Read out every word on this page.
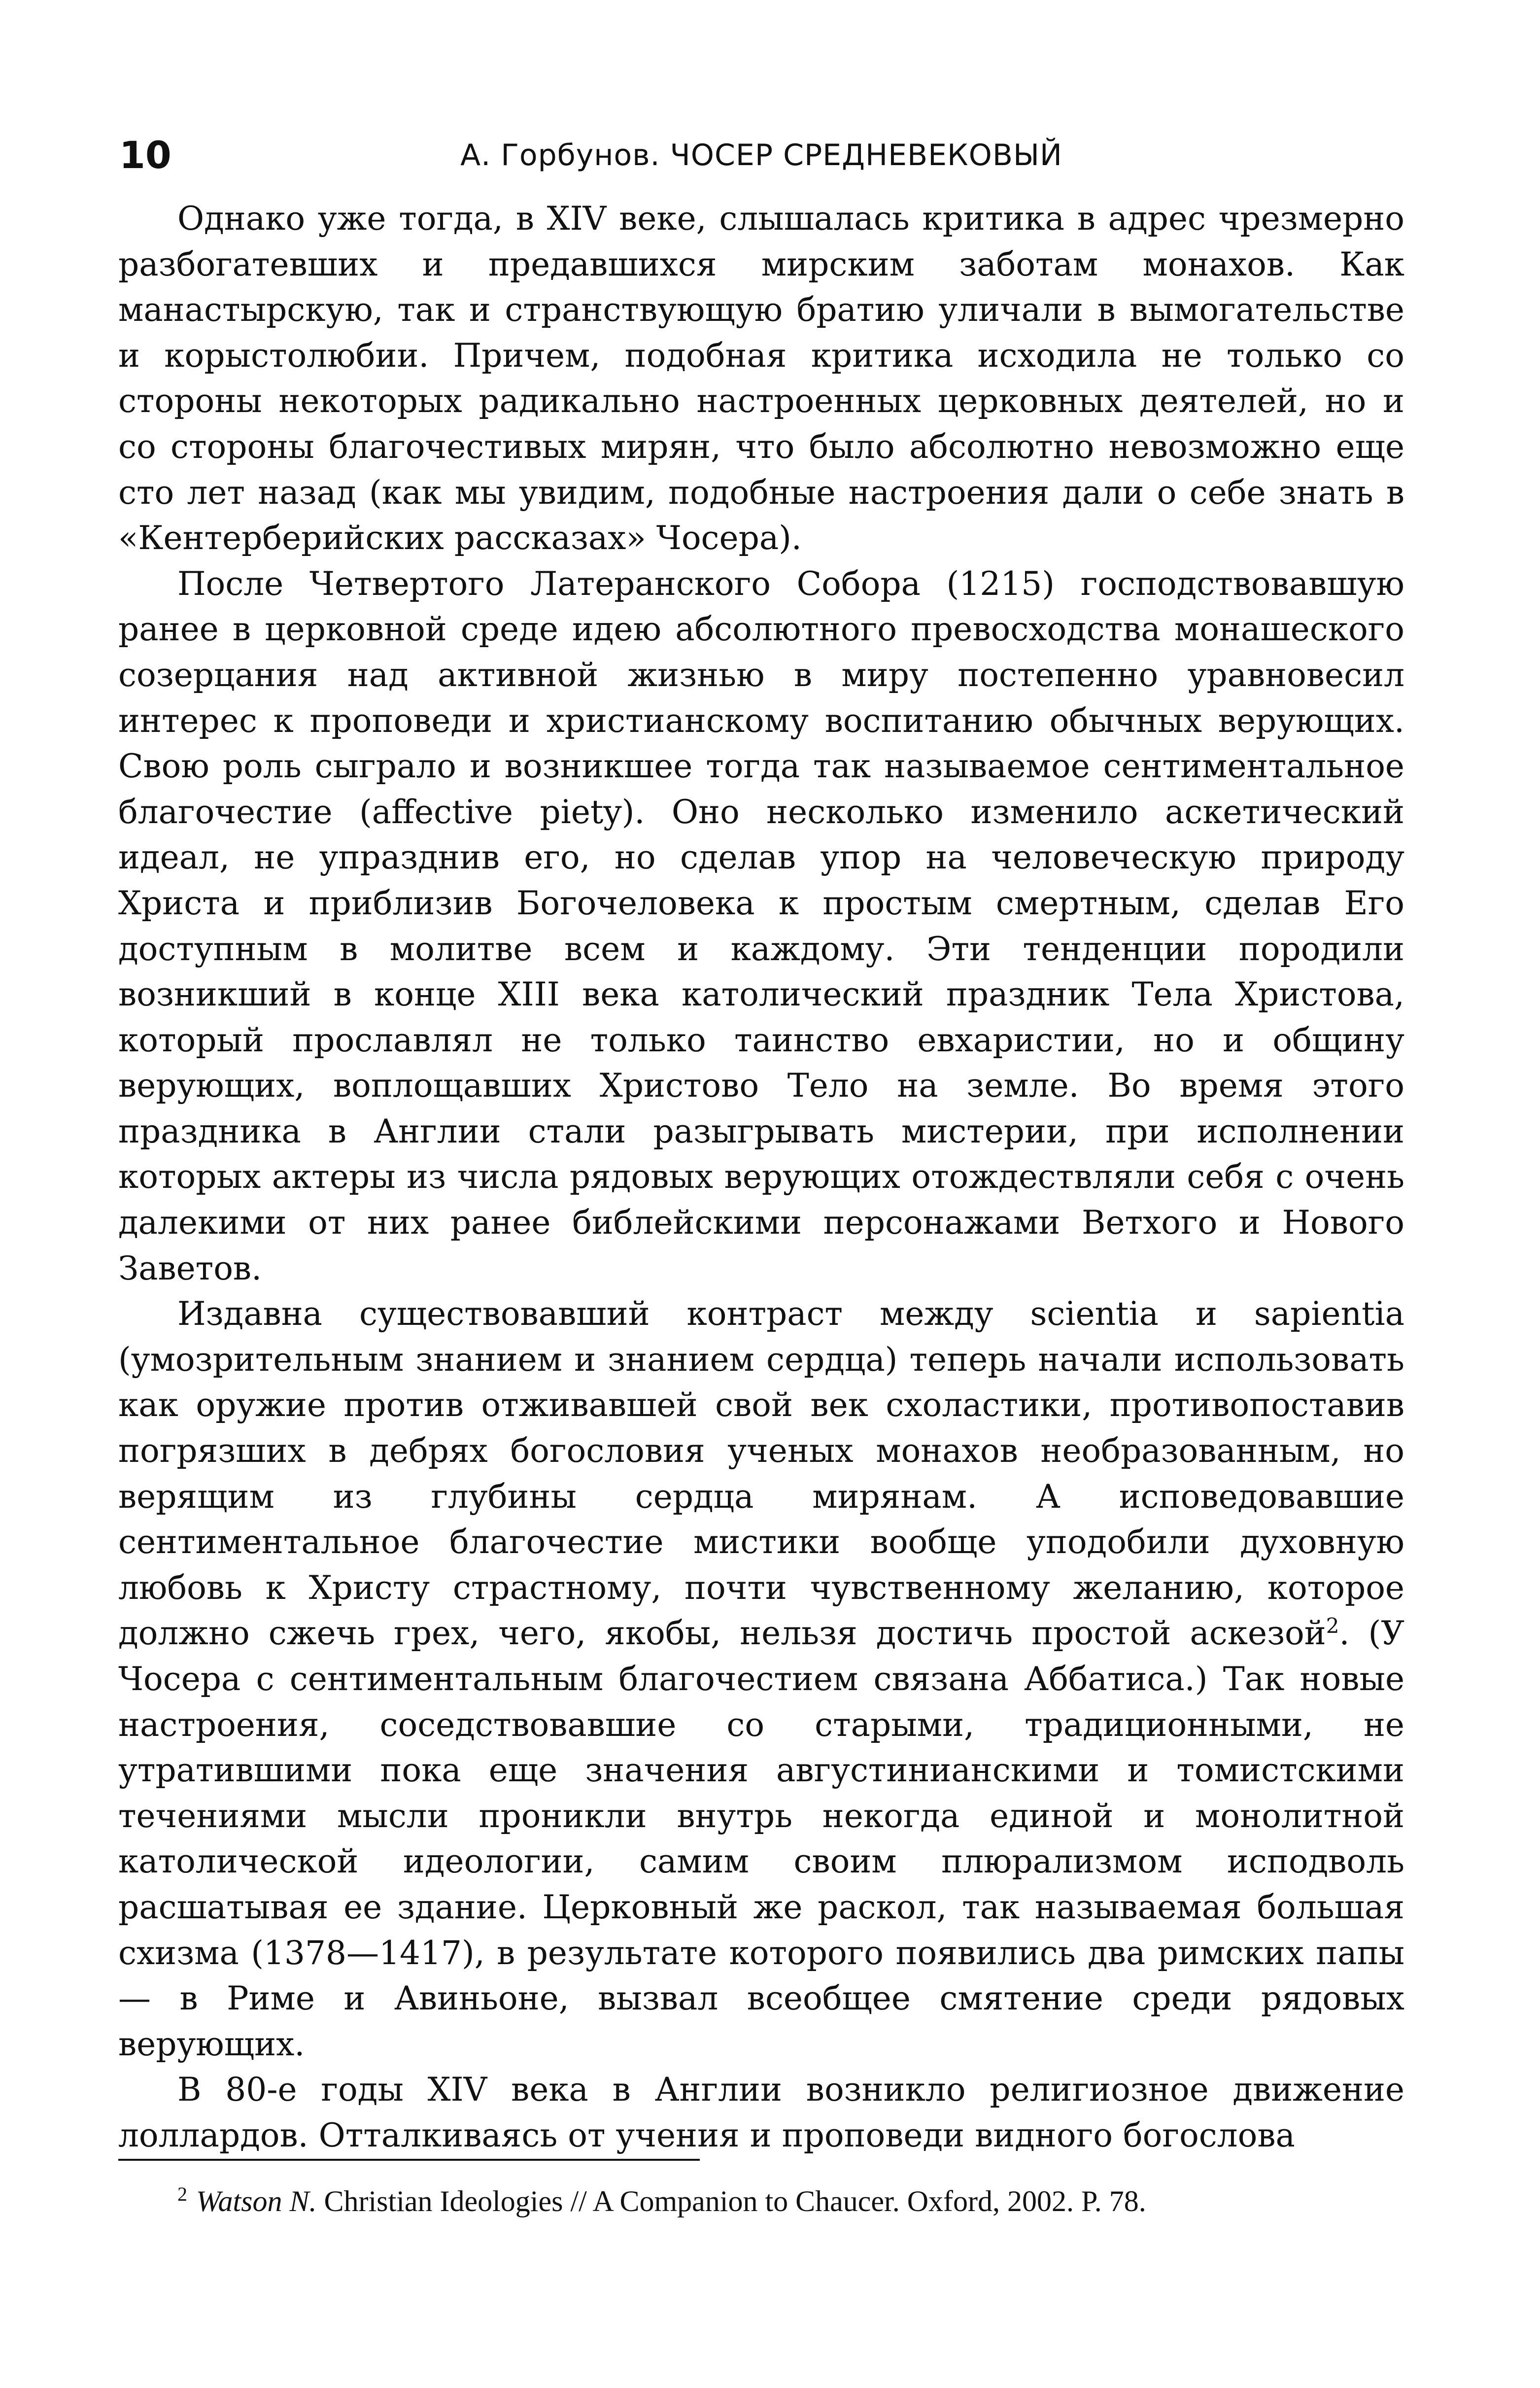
10	А. Горбунов. ЧОСЕР СРЕДНЕВЕКОВЫЙ

Однако уже тогда, в XIV веке, слышалась критика в адрес чрезмерно разбогатевших и предавшихся мирским заботам монахов. Как манастырскую, так и странствующую братию уличали в вымогательстве и корыстолюбии. Причем, подобная критика исходила не только со стороны некоторых радикально настроенных церковных деятелей, но и со стороны благочестивых мирян, что было абсолютно невозможно еще сто лет назад (как мы увидим, подобные настроения дали о себе знать в «Кентерберийских рассказах» Чосера).

После Четвертого Латеранского Собора (1215) господствовавшую ранее в церковной среде идею абсолютного превосходства монашеского созерцания над активной жизнью в миру постепенно уравновесил интерес к проповеди и христианскому воспитанию обычных верующих. Свою роль сыграло и возникшее тогда так называемое сентиментальное благочестие (affective piety). Оно несколько изменило аскетический идеал, не упразднив его, но сделав упор на человеческую природу Христа и приблизив Богочеловека к простым смертным, сделав Его доступным в молитве всем и каждому. Эти тенденции породили возникший в конце XIII века католический праздник Тела Христова, который прославлял не только таинство евхаристии, но и общину верующих, воплощавших Христово Тело на земле. Во время этого праздника в Англии стали разыгрывать мистерии, при исполнении которых актеры из числа рядовых верующих отождествляли себя с очень далекими от них ранее библейскими персонажами Ветхого и Нового Заветов.

Издавна существовавший контраст между scientia и sapientia (умозрительным знанием и знанием сердца) теперь начали использовать как оружие против отживавшей свой век схоластики, противопоставив погрязших в дебрях богословия ученых монахов необразованным, но верящим из глубины сердца мирянам. А исповедовавшие сентиментальное благочестие мистики вообще уподобили духовную любовь к Христу страстному, почти чувственному желанию, которое должно сжечь грех, чего, якобы, нельзя достичь простой аскезой$^2$. (У Чосера с сентиментальным благочестием связана Аббатиса.) Так новые настроения, соседствовавшие со старыми, традиционными, не утратившими пока еще значения августинианскими и томистскими течениями мысли проникли внутрь некогда единой и монолитной католической идеологии, самим своим плюрализмом исподволь расшатывая ее здание. Церковный же раскол, так называемая большая схизма (1378—1417), в результате которого появились два римских папы — в Риме и Авиньоне, вызвал всеобщее смятение среди рядовых верующих.

В 80-е годы XIV века в Англии возникло религиозное движение лоллардов. Отталкиваясь от учения и проповеди видного богослова

$^2$ Watson N. Christian Ideologies // A Companion to Chaucer. Oxford, 2002. P. 78.
